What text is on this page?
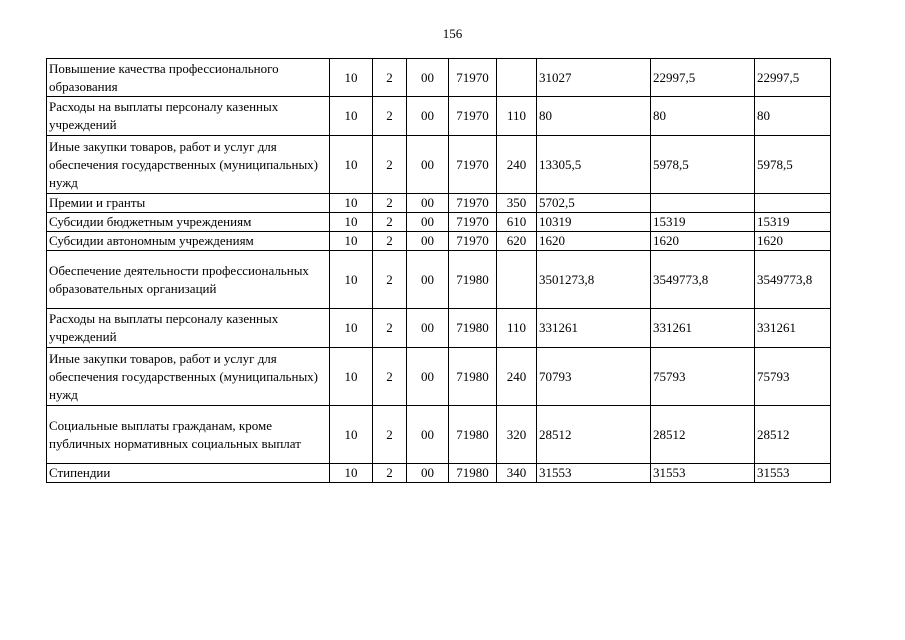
156
Повышение качества профессионального образования	10	2	00	71970		31027	22997,5	22997,5
Расходы на выплаты персоналу казенных учреждений	10	2	00	71970	110	80	80	80
Иные закупки товаров, работ и услуг для обеспечения государственных (муниципальных) нужд	10	2	00	71970	240	13305,5	5978,5	5978,5
Премии и гранты	10	2	00	71970	350	5702,5		
Субсидии бюджетным учреждениям	10	2	00	71970	610	10319	15319	15319
Субсидии автономным учреждениям	10	2	00	71970	620	1620	1620	1620
Обеспечение деятельности профессиональных образовательных организаций	10	2	00	71980		3501273,8	3549773,8	3549773,8
Расходы на выплаты персоналу казенных учреждений	10	2	00	71980	110	331261	331261	331261
Иные закупки товаров, работ и услуг для обеспечения государственных (муниципальных) нужд	10	2	00	71980	240	70793	75793	75793
Социальные выплаты гражданам, кроме публичных нормативных социальных выплат	10	2	00	71980	320	28512	28512	28512
Стипендии	10	2	00	71980	340	31553	31553	31553
